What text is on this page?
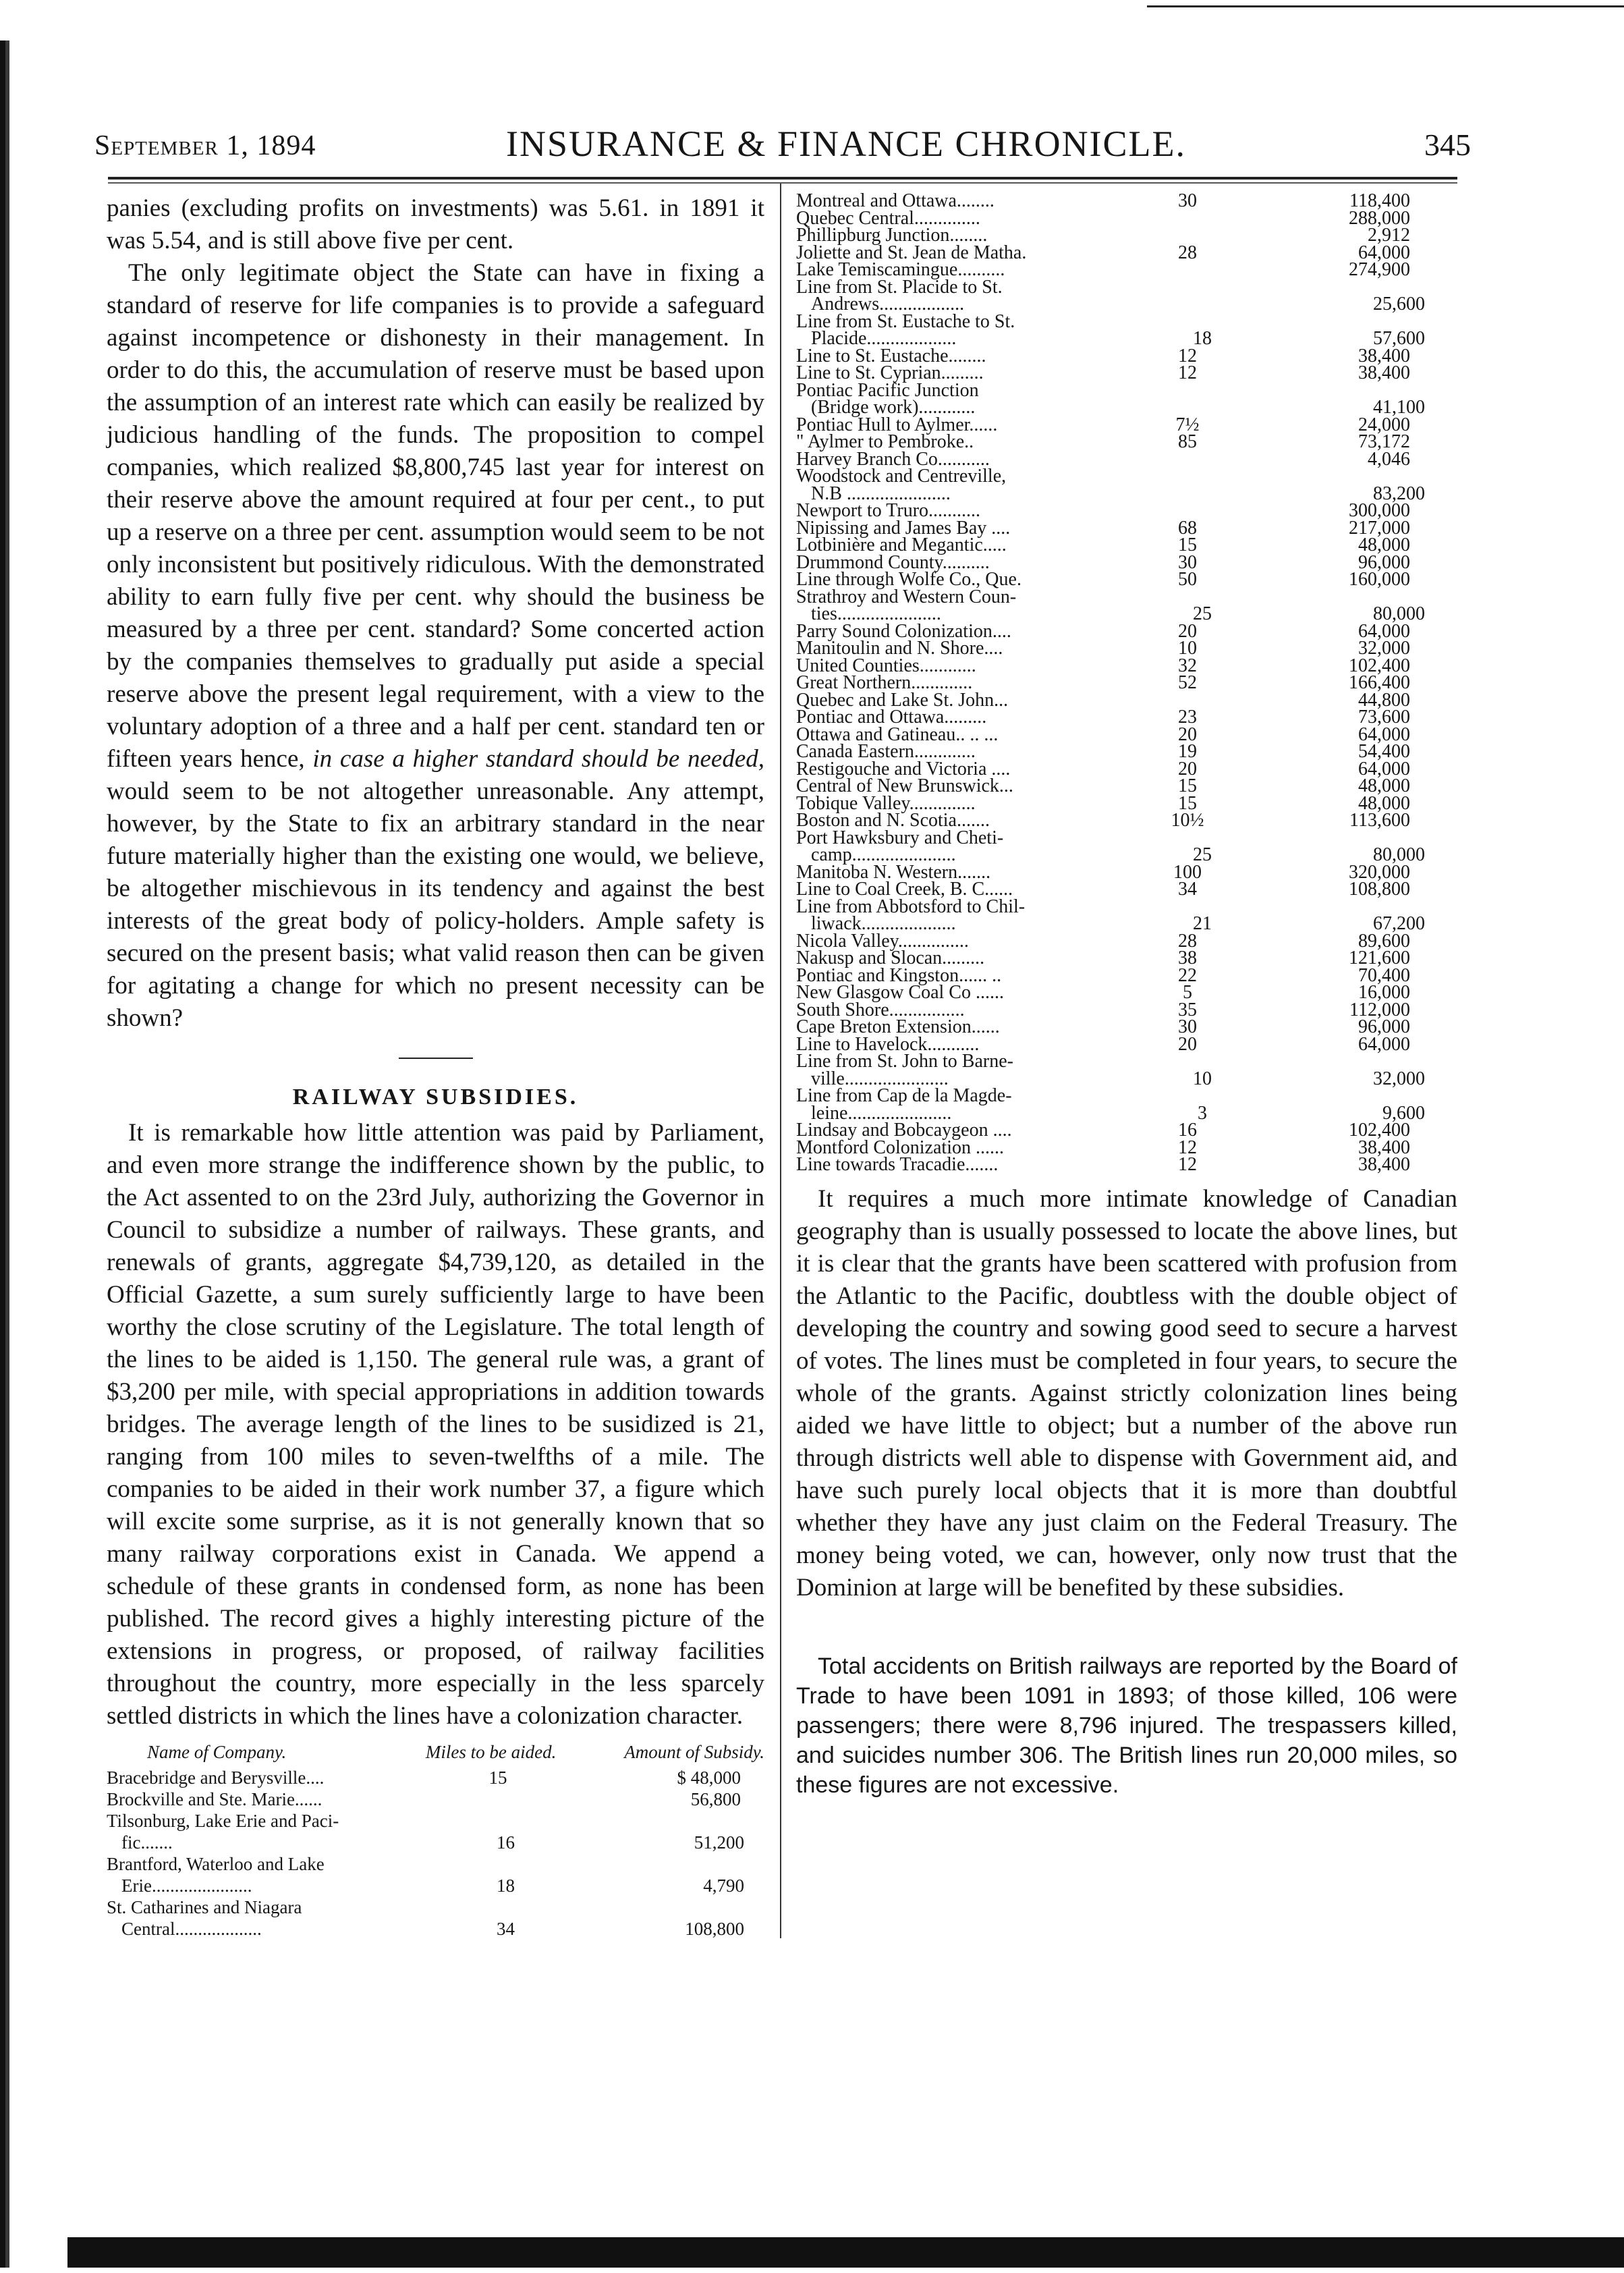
September 1, 1894	INSURANCE & FINANCE CHRONICLE.	345

panies (excluding profits on investments) was 5.61. in 1891 it was 5.54, and is still above five per cent.

The only legitimate object the State can have in fixing a standard of reserve for life companies is to provide a safeguard against incompetence or dishonesty in their management. In order to do this, the accumulation of reserve must be based upon the assumption of an interest rate which can easily be realized by judicious handling of the funds. The proposition to compel companies, which realized $8,800,745 last year for interest on their reserve above the amount required at four per cent., to put up a reserve on a three per cent. assumption would seem to be not only inconsistent but positively ridiculous. With the demonstrated ability to earn fully five per cent. why should the business be measured by a three per cent. standard? Some concerted action by the companies themselves to gradually put aside a special reserve above the present legal requirement, with a view to the voluntary adoption of a three and a half per cent. standard ten or fifteen years hence, in case a higher standard should be needed, would seem to be not altogether unreasonable. Any attempt, however, by the State to fix an arbitrary standard in the near future materially higher than the existing one would, we believe, be altogether mischievous in its tendency and against the best interests of the great body of policy-holders. Ample safety is secured on the present basis; what valid reason then can be given for agitating a change for which no present necessity can be shown?

RAILWAY SUBSIDIES.

It is remarkable how little attention was paid by Parliament, and even more strange the indifference shown by the public, to the Act assented to on the 23rd July, authorizing the Governor in Council to subsidize a number of railways. These grants, and renewals of grants, aggregate $4,739,120, as detailed in the Official Gazette, a sum surely sufficiently large to have been worthy the close scrutiny of the Legislature. The total length of the lines to be aided is 1,150. The general rule was, a grant of $3,200 per mile, with special appropriations in addition towards bridges. The average length of the lines to be susidized is 21, ranging from 100 miles to seven-twelfths of a mile. The companies to be aided in their work number 37, a figure which will excite some surprise, as it is not generally known that so many railway corporations exist in Canada. We append a schedule of these grants in condensed form, as none has been published. The record gives a highly interesting picture of the extensions in progress, or proposed, of railway facilities throughout the country, more especially in the less sparcely settled districts in which the lines have a colonization character.

Name of Company.	Miles to be aided.	Amount of Subsidy.
Bracebridge and Berysville....	15	$ 48,000
Brockville and Ste. Marie......	56,800
Tilsonburg, Lake Erie and Paci-
fic.......	16	51,200
Brantford, Waterloo and Lake
Erie......................	18	4,790
St. Catharines and Niagara
Central...................	34	108,800
Montreal and Ottawa........	30	118,400
Quebec Central..............	288,000
Phillipburg Junction........	2,912
Joliette and St. Jean de Matha.	28	64,000
Lake Temiscamingue..........	274,900
Line from St. Placide to St.
Andrews..................	25,600
Line from St. Eustache to St.
Placide...................	18	57,600
Line to St. Eustache........	12	38,400
Line to St. Cyprian.........	12	38,400
Pontiac Pacific Junction
(Bridge work)............	41,100
Pontiac Hull to Aylmer......	7½	24,000
" Aylmer to Pembroke..	85	73,172
Harvey Branch Co...........	4,046
Woodstock and Centreville,
N.B ......................	83,200
Newport to Truro...........	300,000
Nipissing and James Bay ....	68	217,000
Lotbinière and Megantic.....	15	48,000
Drummond County..........	30	96,000
Line through Wolfe Co., Que.	50	160,000
Strathroy and Western Coun-
ties......................	25	80,000
Parry Sound Colonization....	20	64,000
Manitoulin and N. Shore....	10	32,000
United Counties............	32	102,400
Great Northern.............	52	166,400
Quebec and Lake St. John...	44,800
Pontiac and Ottawa.........	23	73,600
Ottawa and Gatineau.. .. ...	20	64,000
Canada Eastern.............	19	54,400
Restigouche and Victoria ....	20	64,000
Central of New Brunswick...	15	48,000
Tobique Valley..............	15	48,000
Boston and N. Scotia.......	10½	113,600
Port Hawksbury and Cheti-
camp......................	25	80,000
Manitoba N. Western.......	100	320,000
Line to Coal Creek, B. C......	34	108,800
Line from Abbotsford to Chil-
liwack....................	21	67,200
Nicola Valley...............	28	89,600
Nakusp and Slocan.........	38	121,600
Pontiac and Kingston...... ..	22	70,400
New Glasgow Coal Co ......	5	16,000
South Shore................	35	112,000
Cape Breton Extension......	30	96,000
Line to Havelock...........	20	64,000
Line from St. John to Barne-
ville......................	10	32,000
Line from Cap de la Magde-
leine......................	3	9,600
Lindsay and Bobcaygeon ....	16	102,400
Montford Colonization ......	12	38,400
Line towards Tracadie.......	12	38,400

It requires a much more intimate knowledge of Canadian geography than is usually possessed to locate the above lines, but it is clear that the grants have been scattered with profusion from the Atlantic to the Pacific, doubtless with the double object of developing the country and sowing good seed to secure a harvest of votes. The lines must be completed in four years, to secure the whole of the grants. Against strictly colonization lines being aided we have little to object; but a number of the above run through districts well able to dispense with Government aid, and have such purely local objects that it is more than doubtful whether they have any just claim on the Federal Treasury. The money being voted, we can, however, only now trust that the Dominion at large will be benefited by these subsidies.

Total accidents on British railways are reported by the Board of Trade to have been 1091 in 1893; of those killed, 106 were passengers; there were 8,796 injured. The trespassers killed, and suicides number 306. The British lines run 20,000 miles, so these figures are not excessive.
